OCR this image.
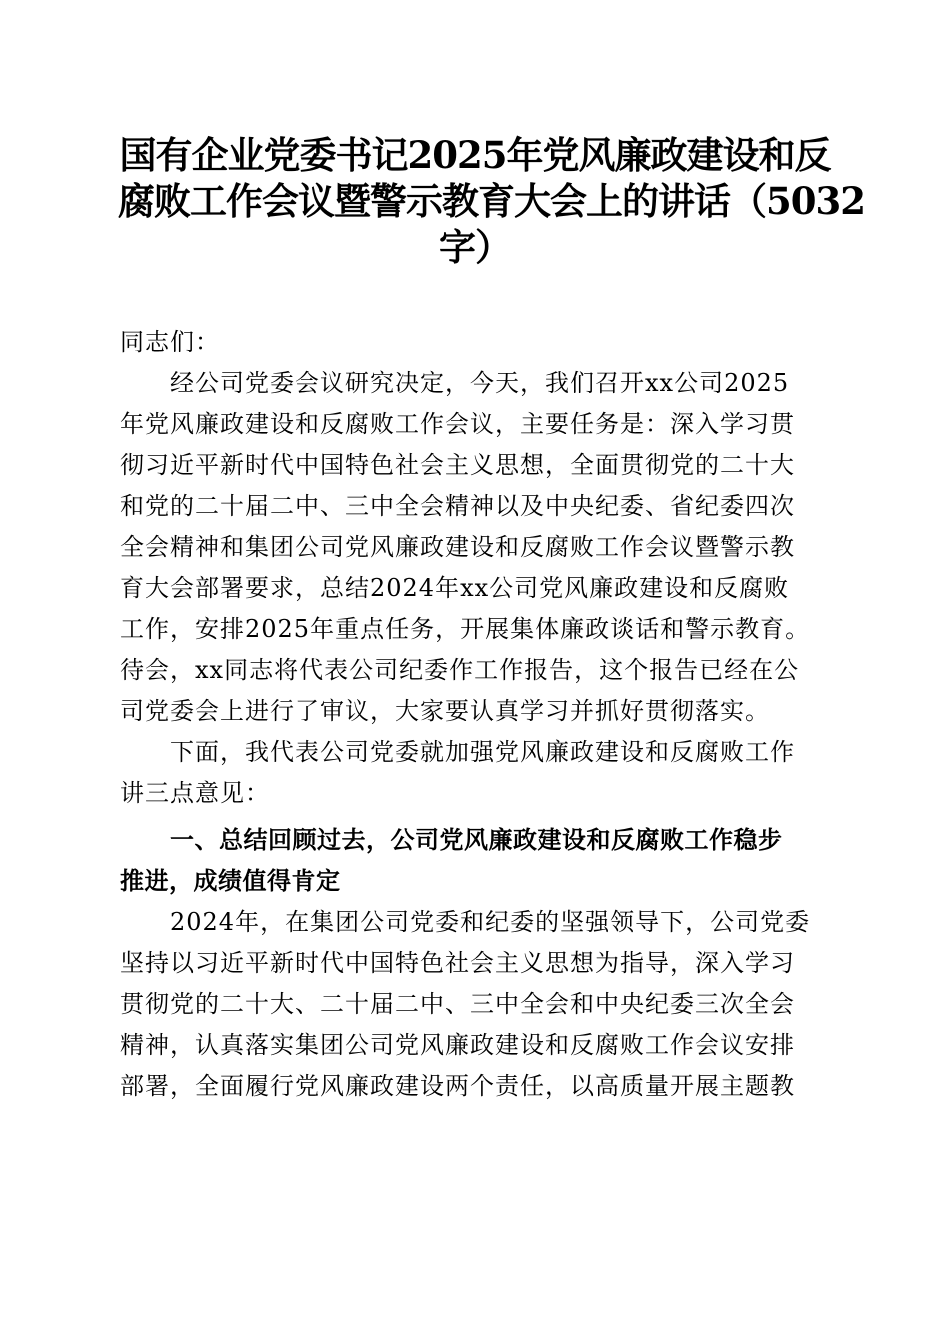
国有企业党委书记2025年党风廉政建设和反
腐败工作会议暨警示教育大会上的讲话（5032
字）
同志们：
经公司党委会议研究决定，今天，我们召开xx公司2025
年党风廉政建设和反腐败工作会议，主要任务是：深入学习贯
彻习近平新时代中国特色社会主义思想，全面贯彻党的二十大
和党的二十届二中、三中全会精神以及中央纪委、省纪委四次
全会精神和集团公司党风廉政建设和反腐败工作会议暨警示教
育大会部署要求，总结2024年xx公司党风廉政建设和反腐败
工作，安排2025年重点任务，开展集体廉政谈话和警示教育。
待会，xx同志将代表公司纪委作工作报告，这个报告已经在公
司党委会上进行了审议，大家要认真学习并抓好贯彻落实。
下面，我代表公司党委就加强党风廉政建设和反腐败工作
讲三点意见：
一、总结回顾过去，公司党风廉政建设和反腐败工作稳步
推进，成绩值得肯定
2024年，在集团公司党委和纪委的坚强领导下，公司党委
坚持以习近平新时代中国特色社会主义思想为指导，深入学习
贯彻党的二十大、二十届二中、三中全会和中央纪委三次全会
精神，认真落实集团公司党风廉政建设和反腐败工作会议安排
部署，全面履行党风廉政建设两个责任，以高质量开展主题教
